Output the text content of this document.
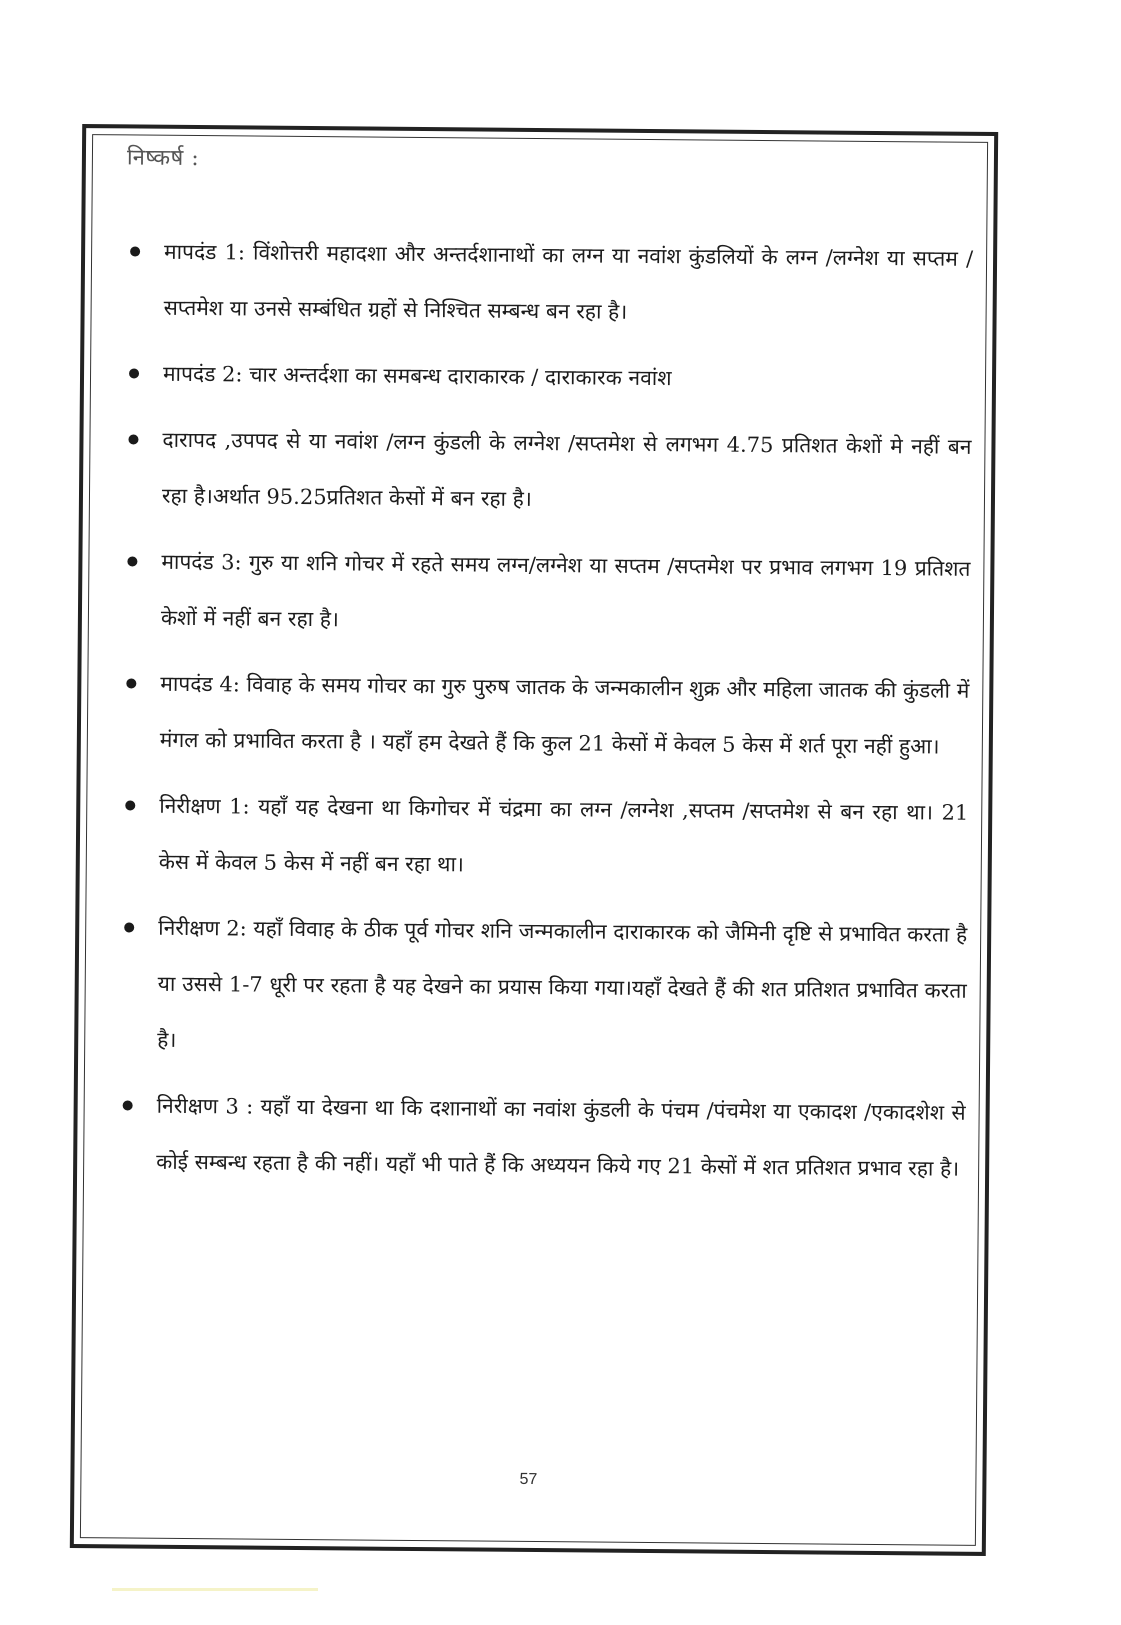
निष्कर्ष :
मापदंड 1: विंशोत्तरी महादशा और अन्तर्दशानाथों का लग्न या नवांश कुंडलियों के लग्न /लग्नेश या सप्तम /सप्तमेश या उनसे सम्बंधित ग्रहों से निश्चित सम्बन्ध बन रहा है।
मापदंड 2: चार अन्तर्दशा का समबन्ध दाराकारक / दाराकारक नवांश
दारापद ,उपपद से या नवांश /लग्न कुंडली के लग्नेश /सप्तमेश से लगभग 4.75 प्रतिशत केशों मे नहीं बन रहा है।अर्थात 95.25प्रतिशत केसों में बन रहा है।
मापदंड 3: गुरु या शनि गोचर में रहते समय लग्न/लग्नेश या सप्तम /सप्तमेश पर प्रभाव लगभग 19 प्रतिशत केशों में नहीं बन रहा है।
मापदंड 4: विवाह के समय गोचर का गुरु पुरुष जातक के जन्मकालीन शुक्र और महिला जातक की कुंडली में मंगल को प्रभावित करता है । यहाँ हम देखते हैं कि कुल 21 केसों में केवल 5 केस में शर्त पूरा नहीं हुआ।
निरीक्षण 1: यहाँ यह देखना था किगोचर में चंद्रमा का लग्न /लग्नेश ,सप्तम /सप्तमेश से बन रहा था। 21 केस में केवल 5 केस में नहीं बन रहा था।
निरीक्षण 2: यहाँ विवाह के ठीक पूर्व गोचर शनि जन्मकालीन दाराकारक को जैमिनी दृष्टि से प्रभावित करता है या उससे 1-7 धूरी पर रहता है यह देखने का प्रयास किया गया।यहाँ देखते हैं की शत प्रतिशत प्रभावित करता है।
निरीक्षण 3 : यहाँ या देखना था कि दशानाथों का नवांश कुंडली के पंचम /पंचमेश या एकादश /एकादशेश से कोई सम्बन्ध रहता है की नहीं। यहाँ भी पाते हैं कि अध्ययन किये गए 21 केसों में शत प्रतिशत प्रभाव रहा है।
57
